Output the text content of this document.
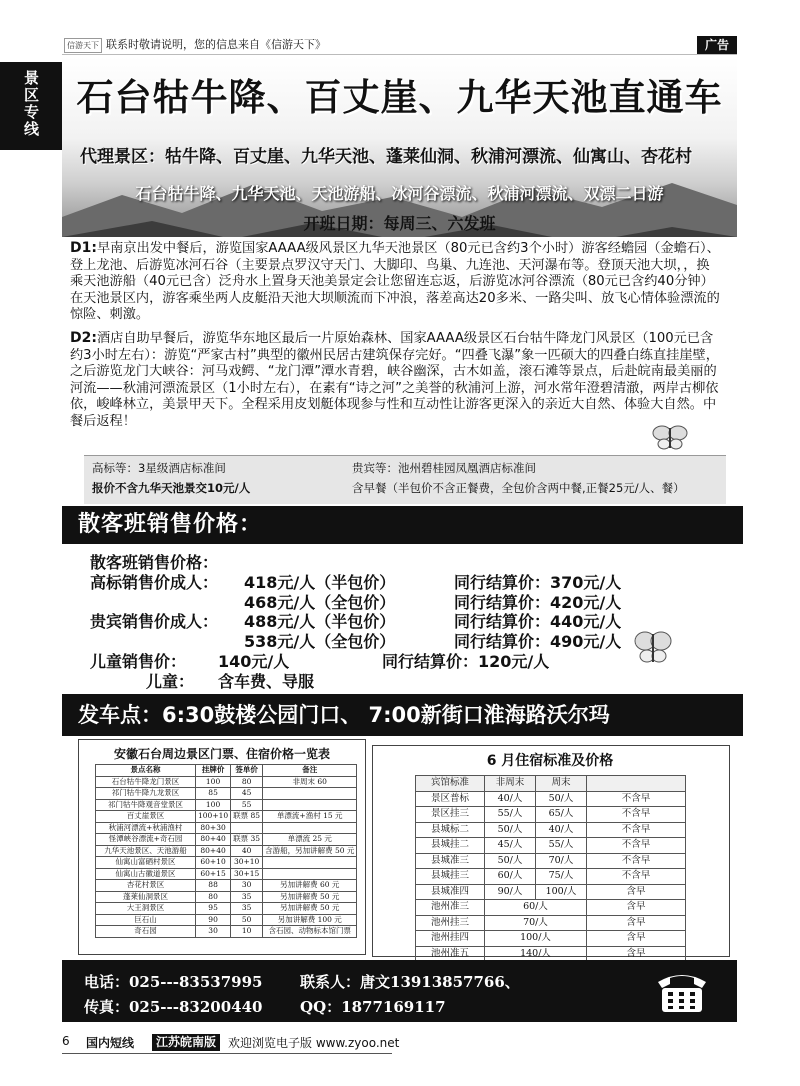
信游天下 联系时敬请说明，您的信息来自《信游天下》	广告
景区专线 石台牯牛降、百丈崖、九华天池直通车
代理景区：牯牛降、百丈崖、九华天池、蓬莱仙洞、秋浦河漂流、仙寓山、杏花村
石台牯牛降、九华天池、天池游船、冰河谷漂流、秋浦河漂流、双漂二日游
开班日期：每周三、六发班
D1:早南京出发中餐后，游览国家AAAA级风景区九华天池景区（80元已含约3个小时）游客经蟾园（金蟾石）、登上龙池、后游览冰河石谷（主要景点罗汉守天门、大脚印、鸟巢、九连池、天河瀑布等。登顶天池大坝，，换乘天池游船（40元已含）泛舟水上置身天池美景定会让您留连忘返，后游览冰河谷漂流（80元已含约40分钟）在天池景区内，游客乘坐两人皮艇沿天池大坝顺流而下冲浪，落差高达20多米、一路尖叫、放飞心情体验漂流的惊险、刺激。
D2:酒店自助早餐后，游览华东地区最后一片原始森林、国家AAAA级景区石台牯牛降龙门风景区（100元已含约3小时左右）：游览“严家古村”典型的徽州民居古建筑保存完好。“四叠飞瀑”象一匹硕大的四叠白练直挂崖壁，之后游览龙门大峡谷：河马戏鳄、“龙门潭”潭水青碧，峡谷幽深，古木如盖，滚石滩等景点，后赴皖南最美丽的河流——秋浦河漂流景区（1小时左右），在素有“诗之河”之美誉的秋浦河上游，河水常年澄碧清澈，两岸古柳依依，峻峰林立，美景甲天下。全程采用皮划艇体现参与性和互动性让游客更深入的亲近大自然、体验大自然。中餐后返程！
高标等：3星级酒店标准间
报价不含九华天池景交10元/人
贵宾等：池州碧桂园凤凰酒店标准间
含早餐（半包价不含正餐费，全包价含两中餐,正餐25元/人、餐）
散客班销售价格：
散客班销售价格：
高标销售价成人： 418元/人（半包价）	同行结算价：370元/人
468元/人（全包价）	同行结算价：420元/人
贵宾销售价成人： 488元/人（半包价）	同行结算价：440元/人
538元/人（全包价）	同行结算价：490元/人
儿童销售价： 140元/人	同行结算价：120元/人
儿童： 含车费、导服
发车点：6:30鼓楼公园门口、 7:00新街口淮海路沃尔玛
安徽石台周边景区门票、住宿价格一览表
景点名称	挂牌价	签单价	备注
石台牯牛降龙门景区	100	80	非周末 60
祁门牯牛降九龙景区	85	45	
祁门牯牛降观音堂景区	100	55	
百丈崖景区	100+10	联票 85	单漂流+渔村 15 元
秋浦河漂流+秋浦渔村	80+30		
怪潭峡谷漂流+奇石园	80+40	联票 35	单漂流 25 元
九华天池景区、天池游船	80+40	40	含游船，另加讲解费 50 元
仙寓山富硒村景区	60+10	30+10	
仙寓山古徽道景区	60+15	30+15	
杏花村景区	88	30	另加讲解费 60 元
蓬莱仙洞景区	80	35	另加讲解费 50 元
大王洞景区	95	35	另加讲解费 50 元
巨石山	90	50	另加讲解费 100 元
奇石园	30	10	含石园、动物标本馆门票
6 月住宿标准及价格
宾馆标准	非周末	周末	
景区普标	40/人	50/人	不含早
景区挂三	55/人	65/人	不含早
县城标二	50/人	40/人	不含早
县城挂二	45/人	55/人	不含早
县城准三	50/人	70/人	不含早
县城挂三	60/人	75/人	不含早
县城准四	90/人	100/人	含早
池州准三	60/人		含早
池州挂三	70/人		含早
池州挂四	100/人		含早
池州准五	140/人		含早
电话：025---83537995	联系人：唐文13913857766、
传真：025---83200440	QQ：1877169117
6 国内短线	江苏皖南版 欢迎浏览电子版 www.zyoo.net
